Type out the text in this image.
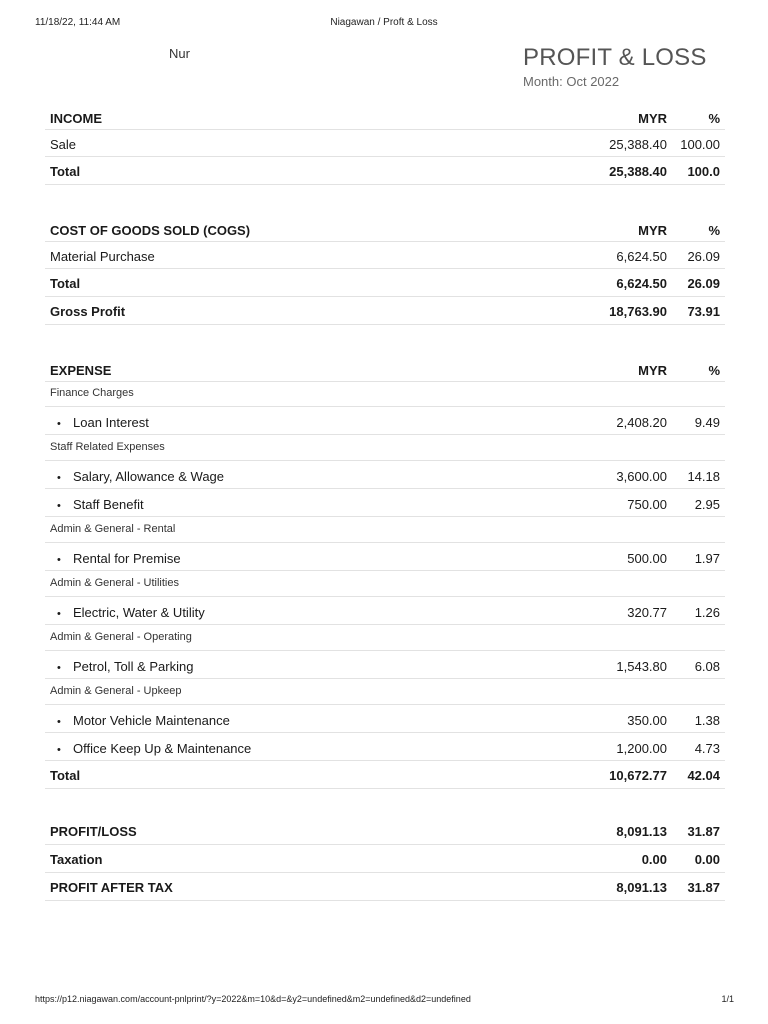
11/18/22, 11:44 AM	Niagawan / Proft & Loss
Nur	PROFIT & LOSS
Month: Oct 2022
INCOME	MYR	%
Sale	25,388.40 100.00
Total	25,388.40 100.0
COST OF GOODS SOLD (COGS)	MYR	%
Material Purchase	6,624.50 26.09
Total	6,624.50 26.09
Gross Profit	18,763.90 73.91
EXPENSE	MYR	%
Finance Charges
• Loan Interest	2,408.20 9.49
Staff Related Expenses
• Salary, Allowance & Wage	3,600.00 14.18
• Staff Benefit	750.00 2.95
Admin & General - Rental
• Rental for Premise	500.00 1.97
Admin & General - Utilities
• Electric, Water & Utility	320.77 1.26
Admin & General - Operating
• Petrol, Toll & Parking	1,543.80 6.08
Admin & General - Upkeep
• Motor Vehicle Maintenance	350.00 1.38
• Office Keep Up & Maintenance	1,200.00 4.73
Total	10,672.77 42.04
PROFIT/LOSS	8,091.13 31.87
Taxation	0.00 0.00
PROFIT AFTER TAX	8,091.13 31.87
https://p12.niagawan.com/account-pnlprint/?y=2022&m=10&d=&y2=undefined&m2=undefined&d2=undefined	1/1
